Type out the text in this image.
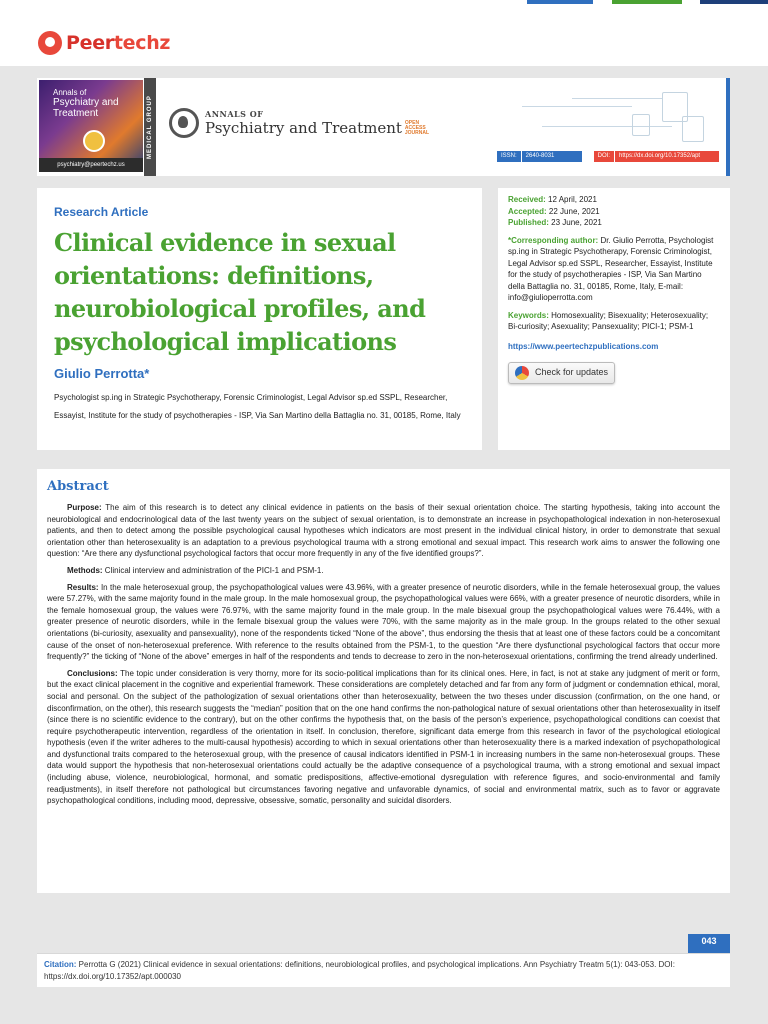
Peertechz
Annals of
Psychiatry and Treatment
psychiatry@peertechz.us
MEDICAL GROUP	ANNALS OF
Psychiatry and Treatment OPEN ACCESS JOURNAL
ISSN:	2640-8031	DOI:	https://dx.doi.org/10.17352/apt
Research Article
Clinical evidence in sexual orientations: definitions, neurobiological profiles, and psychological implications
Giulio Perrotta*
Psychologist sp.ing in Strategic Psychotherapy, Forensic Criminologist, Legal Advisor sp.ed SSPL, Researcher, Essayist, Institute for the study of psychotherapies - ISP, Via San Martino della Battaglia no. 31, 00185, Rome, Italy
Received: 12 April, 2021
Accepted: 22 June, 2021
Published: 23 June, 2021
*Corresponding author: Dr. Giulio Perrotta, Psychologist sp.ing in Strategic Psychotherapy, Forensic Criminologist, Legal Advisor sp.ed SSPL, Researcher, Essayist, Institute for the study of psychotherapies - ISP, Via San Martino della Battaglia no. 31, 00185, Rome, Italy, E-mail: info@giulioperrotta.com
Keywords: Homosexuality; Bisexuality; Heterosexuality; Bi-curiosity; Asexuality; Pansexuality; PICI-1; PSM-1
https://www.peertechzpublications.com
Check for updates
Abstract

Purpose: The aim of this research is to detect any clinical evidence in patients on the basis of their sexual orientation choice. The starting hypothesis, taking into account the neurobiological and endocrinological data of the last twenty years on the subject of sexual orientation, is to demonstrate an increase in psychopathological indexation in non-heterosexual patients, and then to detect among the possible psychological causal hypotheses which indicators are most present in the individual clinical history, in order to demonstrate that sexual orientation other than heterosexuality is an adaptation to a previous psychological trauma with a strong emotional and sexual impact. This research work aims to answer the following one question: “Are there any dysfunctional psychological factors that occur more frequently in any of the five identified groups?”.

Methods: Clinical interview and administration of the PICI-1 and PSM-1.

Results: In the male heterosexual group, the psychopathological values were 43.96%, with a greater presence of neurotic disorders, while in the female heterosexual group, the values were 57.27%, with the same majority found in the male group. In the male homosexual group, the psychopathological values were 66%, with a greater presence of neurotic disorders, while in the female homosexual group, the values were 76.97%, with the same majority found in the male group. In the male bisexual group the psychopathological values were 76.44%, with a greater presence of neurotic disorders, while in the female bisexual group the values were 70%, with the same majority as in the male group. In the groups related to the other sexual orientations (bi-curiosity, asexuality and pansexuality), none of the respondents ticked “None of the above”, thus endorsing the thesis that at least one of these factors could be a concomitant cause of the onset of non-heterosexual preference. With reference to the results obtained from the PSM-1, to the question “Are there dysfunctional psychological factors that occur more frequently?” the ticking of “None of the above” emerges in half of the respondents and tends to decrease to zero in the non-heterosexual orientations, confirming the trend already underlined.

Conclusions: The topic under consideration is very thorny, more for its socio-political implications than for its clinical ones. Here, in fact, is not at stake any judgment of merit or form, but the exact clinical placement in the cognitive and experiential framework. These considerations are completely detached and far from any form of judgment or condemnation ethical, moral, social and personal. On the subject of the pathologization of sexual orientations other than heterosexuality, between the two theses under discussion (confirmation, on the one hand, or disconfirmation, on the other), this research suggests the “median” position that on the one hand confirms the non-pathological nature of sexual orientations other than heterosexuality in itself (since there is no scientific evidence to the contrary), but on the other confirms the hypothesis that, on the basis of the person’s experience, psychopathological conditions can coexist that require psychotherapeutic intervention, regardless of the orientation in itself. In conclusion, therefore, significant data emerge from this research in favor of the psychological etiological hypothesis (even if the writer adheres to the multi-causal hypothesis) according to which in sexual orientations other than heterosexuality there is a marked indexation of psychopathological and dysfunctional traits compared to the heterosexual group, with the presence of causal indicators identified in PSM-1 in increasing numbers in the same non-heterosexual groups. These data would support the hypothesis that non-heterosexual orientations could actually be the adaptive consequence of a psychological trauma, with a strong emotional and sexual impact (including abuse, violence, neurobiological, hormonal, and somatic predispositions, affective-emotional dysregulation with reference figures, and socio-environmental and family readjustments), in itself therefore not pathological but circumstances favoring negative and unfavorable dynamics, of social and environmental matrix, such as to favor or aggravate psychopathological conditions, including mood, depressive, obsessive, somatic, personality and suicidal disorders.

043
Citation: Perrotta G (2021) Clinical evidence in sexual orientations: definitions, neurobiological profiles, and psychological implications. Ann Psychiatry Treatm 5(1): 043-053. DOI: https://dx.doi.org/10.17352/apt.000030
